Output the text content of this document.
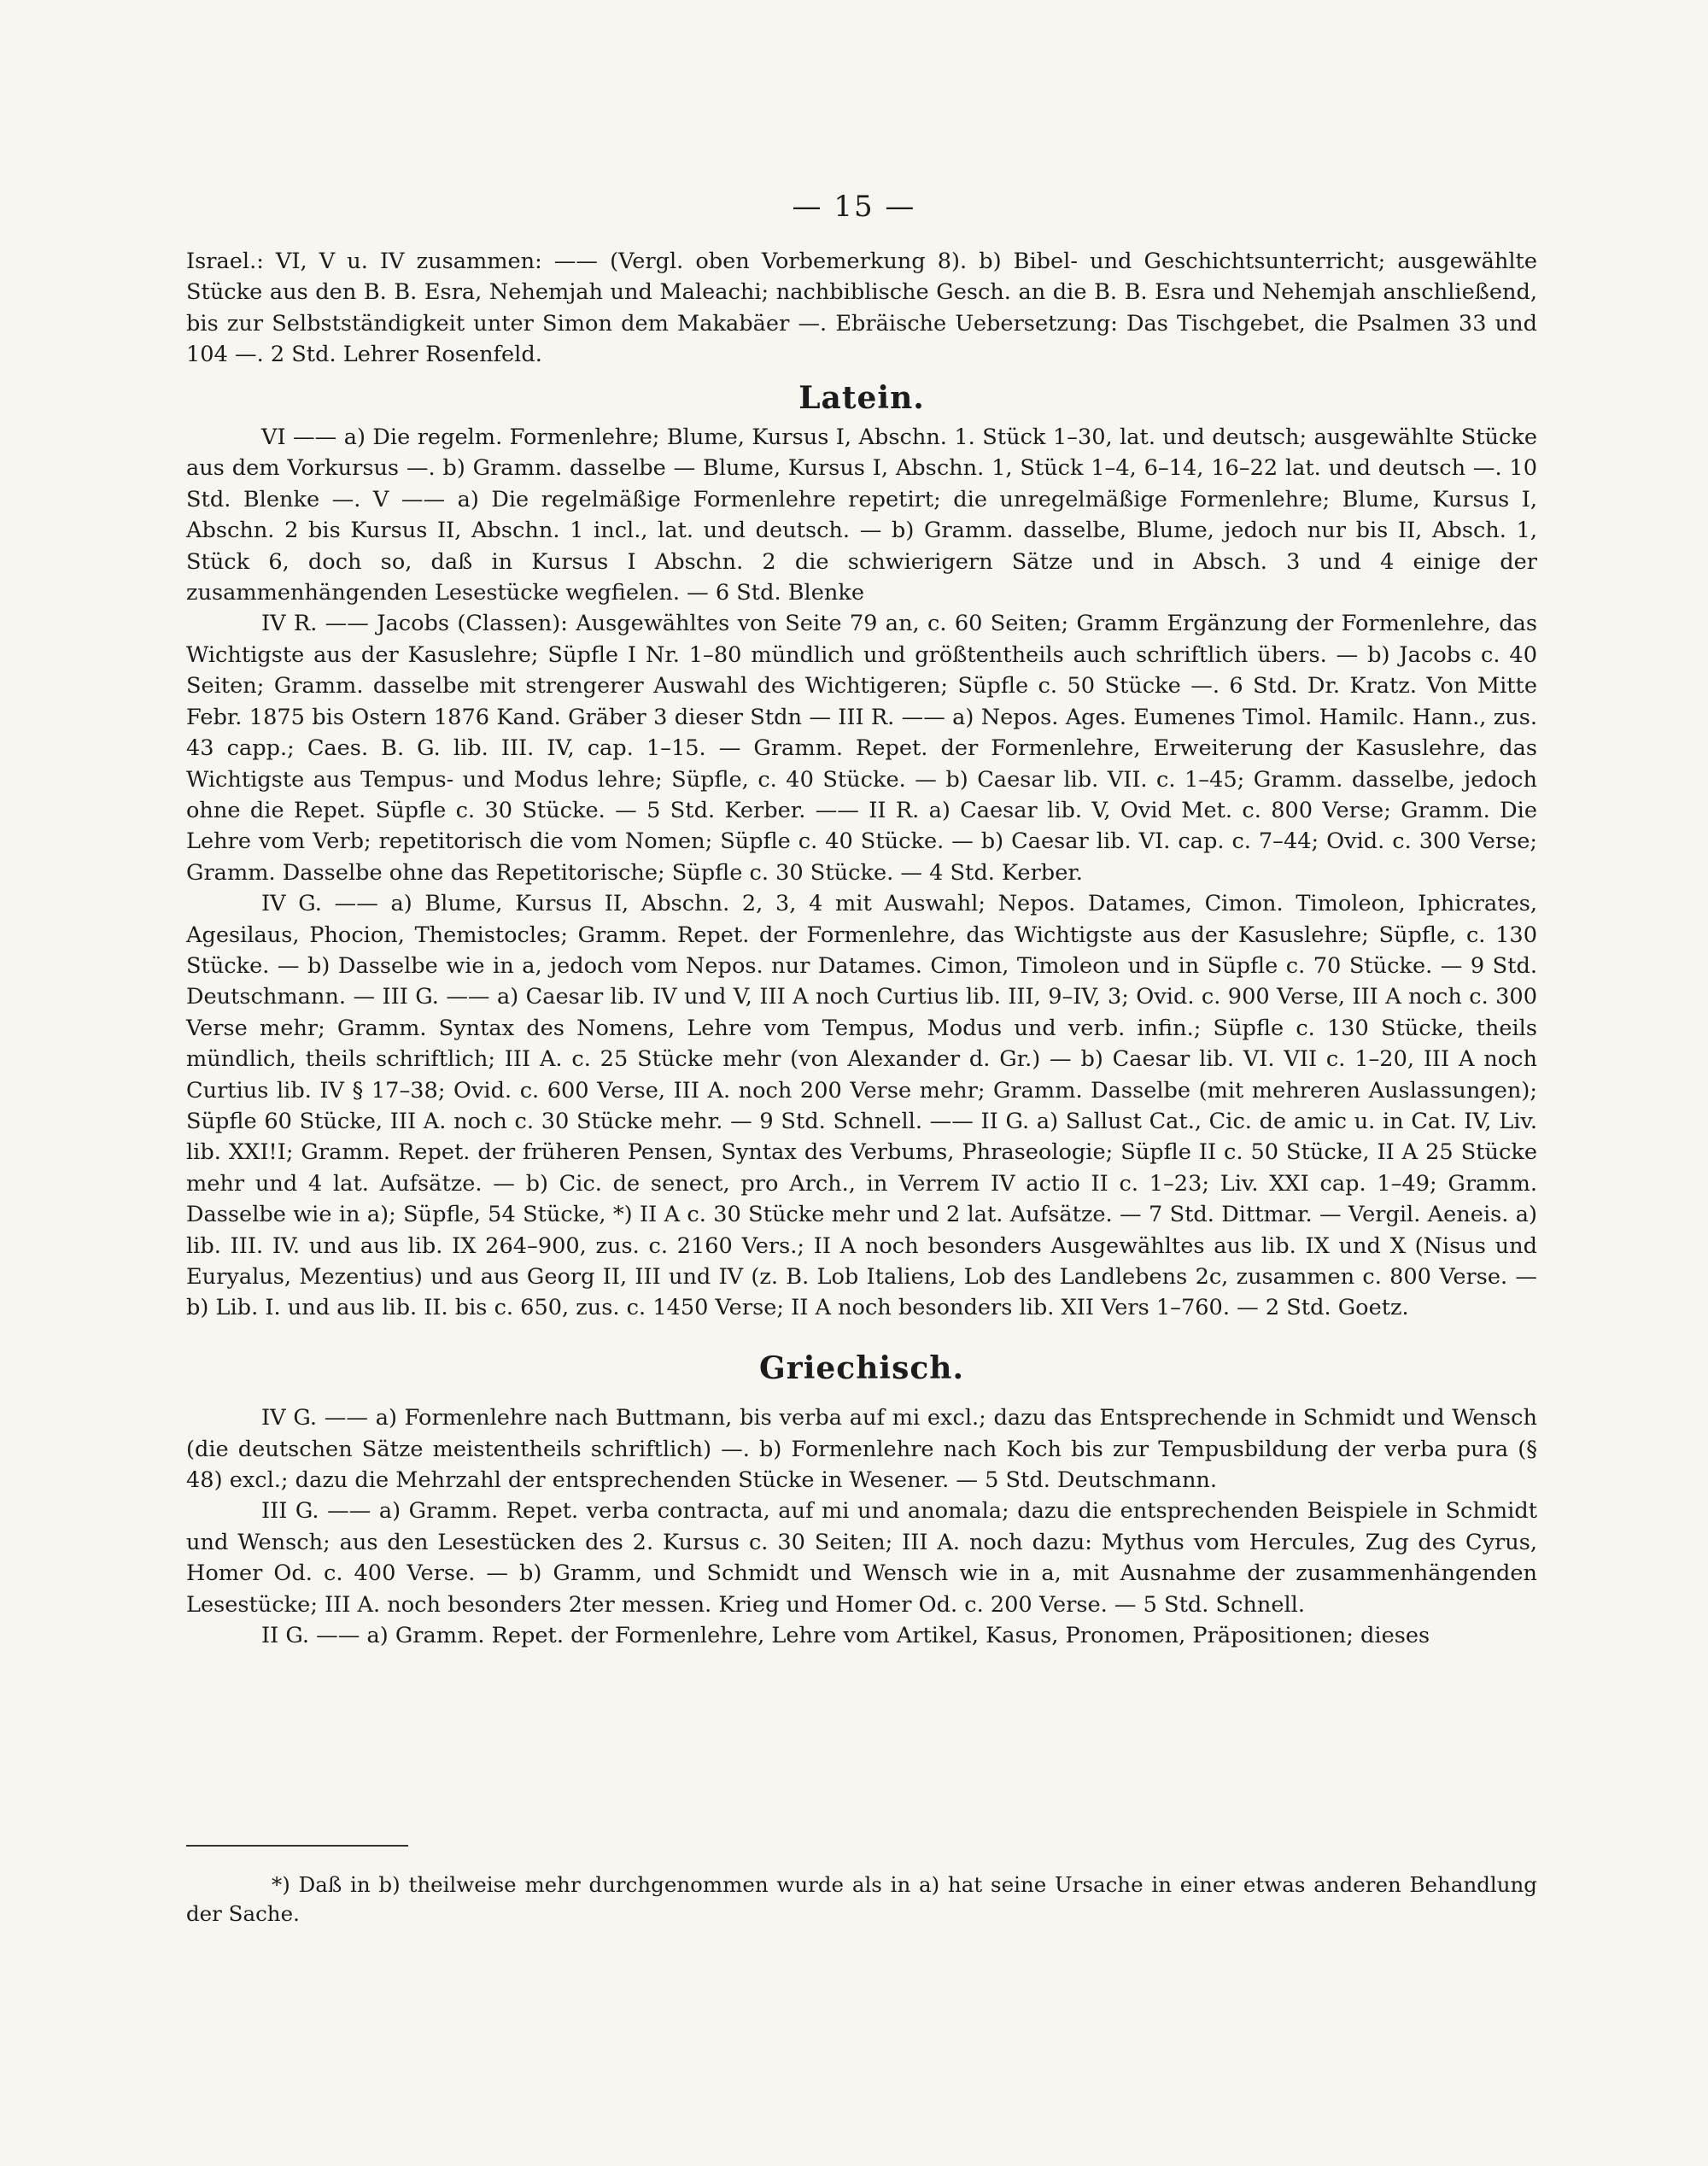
— 15 —

Israel.: VI, V u. IV zusammen: —— (Vergl. oben Vorbemerkung 8). b) Bibel- und Geschichtsunterricht; ausgewählte Stücke aus den B. B. Esra, Nehemjah und Maleachi; nachbiblische Gesch. an die B. B. Esra und Nehemjah anschließend, bis zur Selbstständigkeit unter Simon dem Makabäer —. Ebräische Uebersetzung: Das Tischgebet, die Psalmen 33 und 104 —. 2 Std. Lehrer Rosenfeld.

Latein.

VI —— a) Die regelm. Formenlehre; Blume, Kursus I, Abschn. 1. Stück 1–30, lat. und deutsch; ausgewählte Stücke aus dem Vorkursus —. b) Gramm. dasselbe — Blume, Kursus I, Abschn. 1, Stück 1–4, 6–14, 16–22 lat. und deutsch —. 10 Std. Blenke —. V —— a) Die regelmäßige Formenlehre repetirt; die unregelmäßige Formenlehre; Blume, Kursus I, Abschn. 2 bis Kursus II, Abschn. 1 incl., lat. und deutsch. — b) Gramm. dasselbe, Blume, jedoch nur bis II, Absch. 1, Stück 6, doch so, daß in Kursus I Abschn. 2 die schwierigern Sätze und in Absch. 3 und 4 einige der zusammenhängenden Lesestücke wegfielen. — 6 Std. Blenke

IV R. —— Jacobs (Classen): Ausgewähltes von Seite 79 an, c. 60 Seiten; Gramm Ergänzung der Formenlehre, das Wichtigste aus der Kasuslehre; Süpfle I Nr. 1–80 mündlich und größtentheils auch schriftlich übers. — b) Jacobs c. 40 Seiten; Gramm. dasselbe mit strengerer Auswahl des Wichtigeren; Süpfle c. 50 Stücke —. 6 Std. Dr. Kratz. Von Mitte Febr. 1875 bis Ostern 1876 Kand. Gräber 3 dieser Stdn — III R. —— a) Nepos. Ages. Eumenes Timol. Hamilc. Hann., zus. 43 capp.; Caes. B. G. lib. III. IV, cap. 1–15. — Gramm. Repet. der Formenlehre, Erweiterung der Kasuslehre, das Wichtigste aus Tempus- und Modus lehre; Süpfle, c. 40 Stücke. — b) Caesar lib. VII. c. 1–45; Gramm. dasselbe, jedoch ohne die Repet. Süpfle c. 30 Stücke. — 5 Std. Kerber. —— II R. a) Caesar lib. V, Ovid Met. c. 800 Verse; Gramm. Die Lehre vom Verb; repetitorisch die vom Nomen; Süpfle c. 40 Stücke. — b) Caesar lib. VI. cap. c. 7–44; Ovid. c. 300 Verse; Gramm. Dasselbe ohne das Repetitorische; Süpfle c. 30 Stücke. — 4 Std. Kerber.

IV G. —— a) Blume, Kursus II, Abschn. 2, 3, 4 mit Auswahl; Nepos. Datames, Cimon. Timoleon, Iphicrates, Agesilaus, Phocion, Themistocles; Gramm. Repet. der Formenlehre, das Wichtigste aus der Kasuslehre; Süpfle, c. 130 Stücke. — b) Dasselbe wie in a, jedoch vom Nepos. nur Datames. Cimon, Timoleon und in Süpfle c. 70 Stücke. — 9 Std. Deutschmann. — III G. —— a) Caesar lib. IV und V, III A noch Curtius lib. III, 9–IV, 3; Ovid. c. 900 Verse, III A noch c. 300 Verse mehr; Gramm. Syntax des Nomens, Lehre vom Tempus, Modus und verb. infin.; Süpfle c. 130 Stücke, theils mündlich, theils schriftlich; III A. c. 25 Stücke mehr (von Alexander d. Gr.) — b) Caesar lib. VI. VII c. 1–20, III A noch Curtius lib. IV § 17–38; Ovid. c. 600 Verse, III A. noch 200 Verse mehr; Gramm. Dasselbe (mit mehreren Auslassungen); Süpfle 60 Stücke, III A. noch c. 30 Stücke mehr. — 9 Std. Schnell. —— II G. a) Sallust Cat., Cic. de amic u. in Cat. IV, Liv. lib. XXI!I; Gramm. Repet. der früheren Pensen, Syntax des Verbums, Phraseologie; Süpfle II c. 50 Stücke, II A 25 Stücke mehr und 4 lat. Aufsätze. — b) Cic. de senect, pro Arch., in Verrem IV actio II c. 1–23; Liv. XXI cap. 1–49; Gramm. Dasselbe wie in a); Süpfle, 54 Stücke, *) II A c. 30 Stücke mehr und 2 lat. Aufsätze. — 7 Std. Dittmar. — Vergil. Aeneis. a) lib. III. IV. und aus lib. IX 264–900, zus. c. 2160 Vers.; II A noch besonders Ausgewähltes aus lib. IX und X (Nisus und Euryalus, Mezentius) und aus Georg II, III und IV (z. B. Lob Italiens, Lob des Landlebens 2c, zusammen c. 800 Verse. — b) Lib. I. und aus lib. II. bis c. 650, zus. c. 1450 Verse; II A noch besonders lib. XII Vers 1–760. — 2 Std. Goetz.

Griechisch.

IV G. —— a) Formenlehre nach Buttmann, bis verba auf mi excl.; dazu das Entsprechende in Schmidt und Wensch (die deutschen Sätze meistentheils schriftlich) —. b) Formenlehre nach Koch bis zur Tempusbildung der verba pura (§ 48) excl.; dazu die Mehrzahl der entsprechenden Stücke in Wesener. — 5 Std. Deutschmann.

III G. —— a) Gramm. Repet. verba contracta, auf mi und anomala; dazu die entsprechenden Beispiele in Schmidt und Wensch; aus den Lesestücken des 2. Kursus c. 30 Seiten; III A. noch dazu: Mythus vom Hercules, Zug des Cyrus, Homer Od. c. 400 Verse. — b) Gramm, und Schmidt und Wensch wie in a, mit Ausnahme der zusammenhängenden Lesestücke; III A. noch besonders 2ter messen. Krieg und Homer Od. c. 200 Verse. — 5 Std. Schnell.

II G. —— a) Gramm. Repet. der Formenlehre, Lehre vom Artikel, Kasus, Pronomen, Präpositionen; dieses

*) Daß in b) theilweise mehr durchgenommen wurde als in a) hat seine Ursache in einer etwas anderen Behandlung der Sache.
